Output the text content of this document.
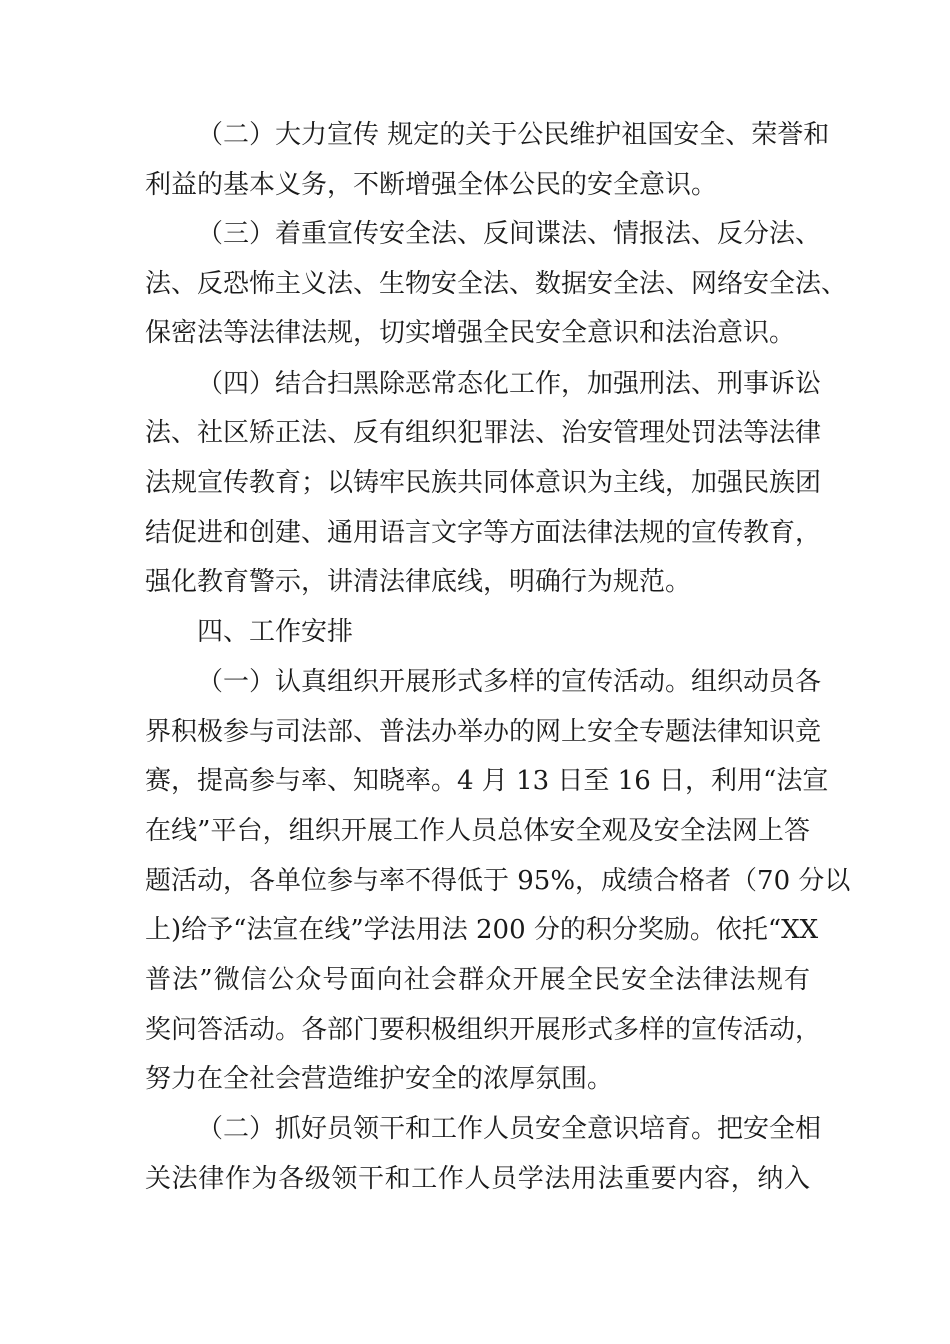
（二）大力宣传 规定的关于公民维护祖国安全、荣誉和
利益的基本义务，不断增强全体公民的安全意识。
（三）着重宣传安全法、反间谍法、情报法、反分法、
法、反恐怖主义法、生物安全法、数据安全法、网络安全法、
保密法等法律法规，切实增强全民安全意识和法治意识。
（四）结合扫黑除恶常态化工作，加强刑法、刑事诉讼
法、社区矫正法、反有组织犯罪法、治安管理处罚法等法律
法规宣传教育；以铸牢民族共同体意识为主线，加强民族团
结促进和创建、通用语言文字等方面法律法规的宣传教育，
强化教育警示，讲清法律底线，明确行为规范。
四、工作安排
（一）认真组织开展形式多样的宣传活动。组织动员各
界积极参与司法部、普法办举办的网上安全专题法律知识竞
赛，提高参与率、知晓率。4 月 13 日至 16 日，利用“法宣
在线”平台，组织开展工作人员总体安全观及安全法网上答
题活动，各单位参与率不得低于 95%，成绩合格者（70 分以
上)给予“法宣在线”学法用法 200 分的积分奖励。依托“XX
普法”微信公众号面向社会群众开展全民安全法律法规有
奖问答活动。各部门要积极组织开展形式多样的宣传活动，
努力在全社会营造维护安全的浓厚氛围。
（二）抓好员领干和工作人员安全意识培育。把安全相
关法律作为各级领干和工作人员学法用法重要内容，纳入
